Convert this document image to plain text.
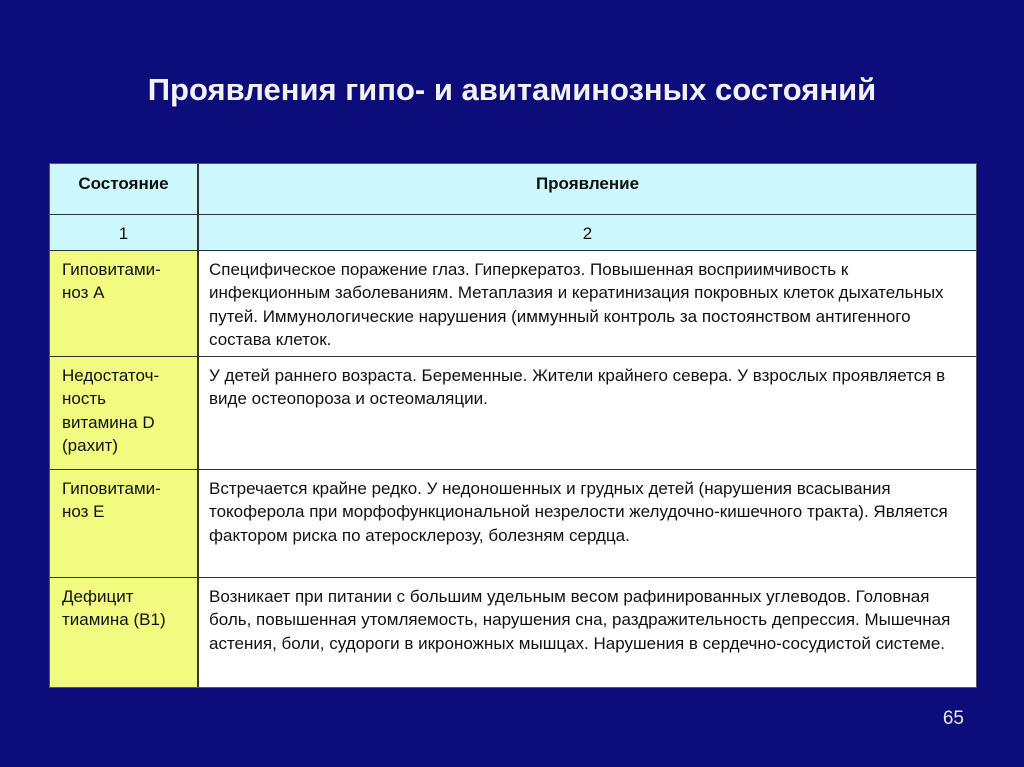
Проявления гипо- и авитаминозных состояний
Состояние	Проявление
1	2

Гиповитами-
ноз А	Специфическое поражение глаз. Гиперкератоз. Повышенная восприимчивость к инфекционным заболеваниям. Метаплазия и кератинизация покровных клеток дыхательных путей. Иммунологические нарушения (иммунный контроль за постоянством антигенного состава клеток.

Недостаточ-
ность
витамина D
(рахит)	У детей раннего возраста. Беременные. Жители крайнего севера. У взрослых проявляется в виде остеопороза и остеомаляции.

Гиповитами-
ноз Е	Встречается крайне редко. У недоношенных и грудных детей (нарушения всасывания токоферола при морфофункциональной незрелости желудочно-кишечного тракта). Является фактором риска по атеросклерозу, болезням сердца.

Дефицит
тиамина (В1)	Возникает при питании с большим удельным весом рафинированных углеводов. Головная боль, повышенная утомляемость, нарушения сна, раздражительность депрессия. Мышечная астения, боли, судороги в икроножных мышцах. Нарушения в сердечно-сосудистой системе.
65
